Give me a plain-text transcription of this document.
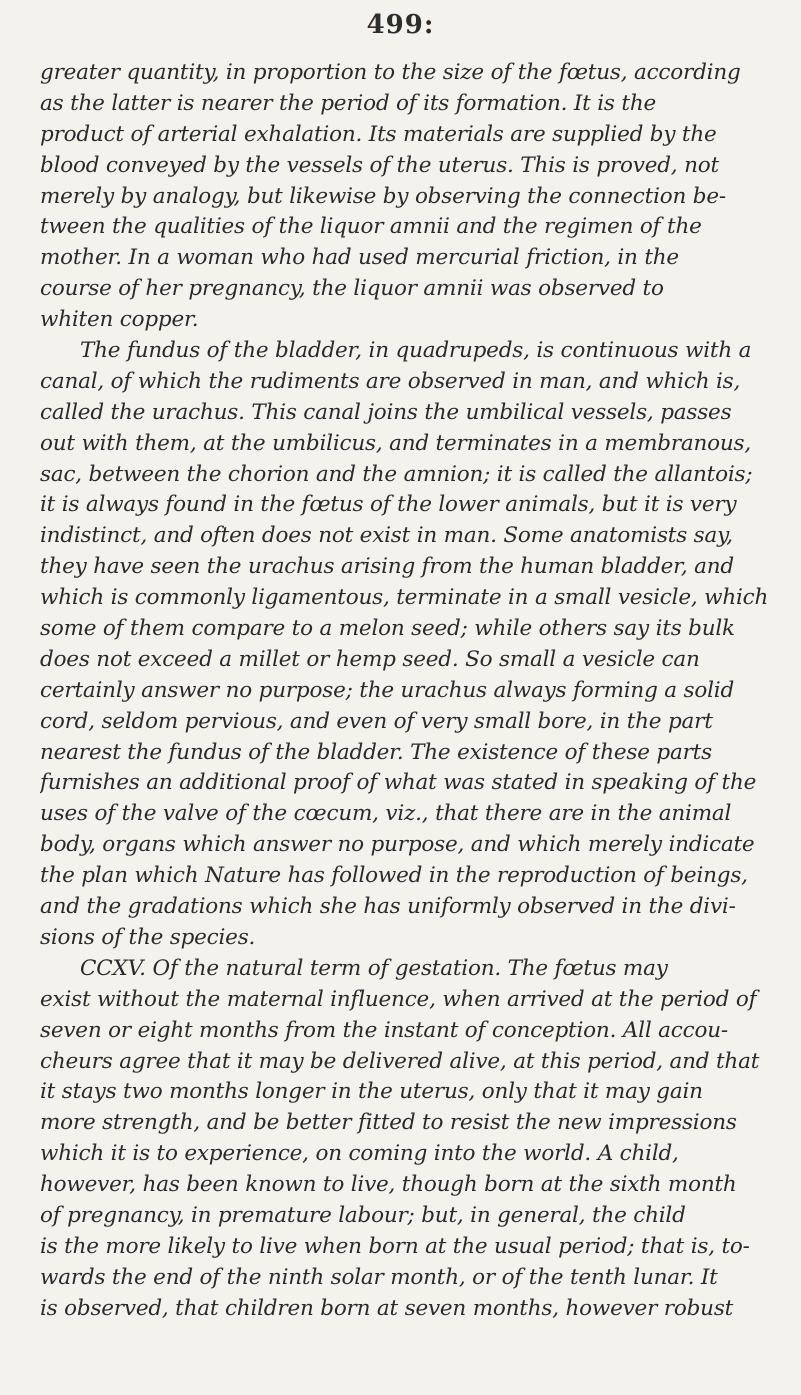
499:
greater quantity, in proportion to the size of the fœtus, according
as the latter is nearer the period of its formation. It is the
product of arterial exhalation. Its materials are supplied by the
blood conveyed by the vessels of the uterus. This is proved, not
merely by analogy, but likewise by observing the connection be-
tween the qualities of the liquor amnii and the regimen of the
mother. In a woman who had used mercurial friction, in the
course of her pregnancy, the liquor amnii was observed to
whiten copper.
The fundus of the bladder, in quadrupeds, is continuous with a
canal, of which the rudiments are observed in man, and which is,
called the urachus. This canal joins the umbilical vessels, passes
out with them, at the umbilicus, and terminates in a membranous,
sac, between the chorion and the amnion; it is called the allantois;
it is always found in the fœtus of the lower animals, but it is very
indistinct, and often does not exist in man. Some anatomists say,
they have seen the urachus arising from the human bladder, and
which is commonly ligamentous, terminate in a small vesicle, which
some of them compare to a melon seed; while others say its bulk
does not exceed a millet or hemp seed. So small a vesicle can
certainly answer no purpose; the urachus always forming a solid
cord, seldom pervious, and even of very small bore, in the part
nearest the fundus of the bladder. The existence of these parts
furnishes an additional proof of what was stated in speaking of the
uses of the valve of the cœcum, viz., that there are in the animal
body, organs which answer no purpose, and which merely indicate
the plan which Nature has followed in the reproduction of beings,
and the gradations which she has uniformly observed in the divi-
sions of the species.
CCXV. Of the natural term of gestation. The fœtus may
exist without the maternal influence, when arrived at the period of
seven or eight months from the instant of conception. All accou-
cheurs agree that it may be delivered alive, at this period, and that
it stays two months longer in the uterus, only that it may gain
more strength, and be better fitted to resist the new impressions
which it is to experience, on coming into the world. A child,
however, has been known to live, though born at the sixth month
of pregnancy, in premature labour; but, in general, the child
is the more likely to live when born at the usual period; that is, to-
wards the end of the ninth solar month, or of the tenth lunar. It
is observed, that children born at seven months, however robust
